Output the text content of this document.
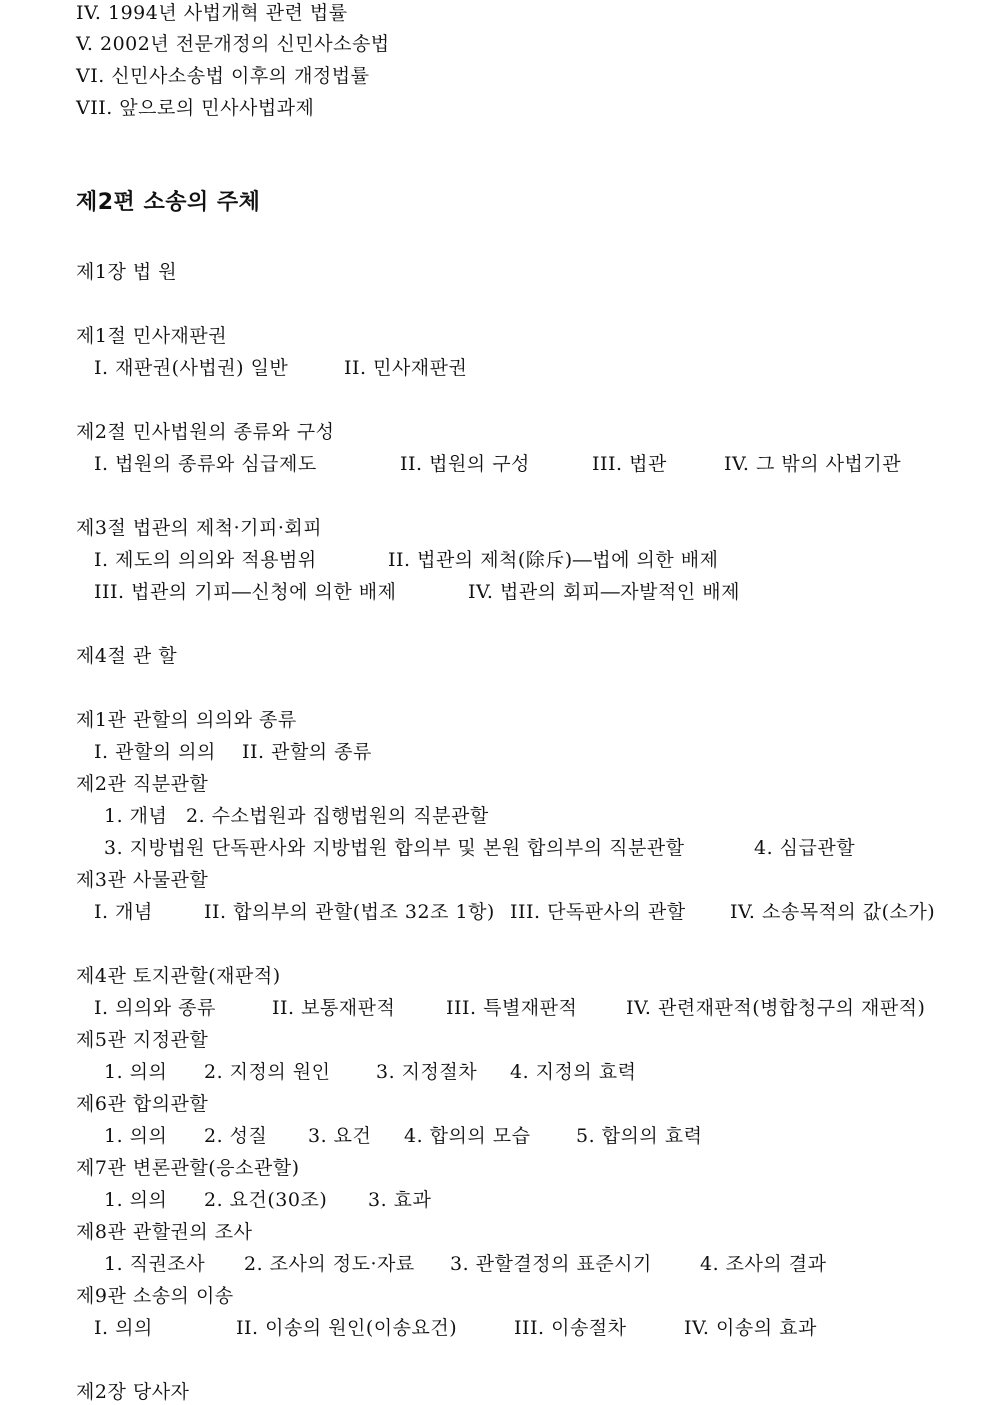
IV. 1994년 사법개혁 관련 법률
V. 2002년 전문개정의 신민사소송법
VI. 신민사소송법 이후의 개정법률
VII. 앞으로의 민사사법과제
제2편 소송의 주체
제1장 법 원
제1절 민사재판권
I. 재판권(사법권) 일반	II. 민사재판권
제2절 민사법원의 종류와 구성
I. 법원의 종류와 심급제도	II. 법원의 구성	III. 법관	IV. 그 밖의 사법기관
제3절 법관의 제척·기피·회피
I. 제도의 의의와 적용범위	II. 법관의 제척(除斥)―법에 의한 배제
III. 법관의 기피―신청에 의한 배제	IV. 법관의 회피―자발적인 배제
제4절 관 할
제1관 관할의 의의와 종류
I. 관할의 의의 II. 관할의 종류
제2관 직분관할
1. 개념 2. 수소법원과 집행법원의 직분관할
3. 지방법원 단독판사와 지방법원 합의부 및 본원 합의부의 직분관할	4. 심급관할
제3관 사물관할
I. 개념	II. 합의부의 관할(법조 32조 1항) III. 단독판사의 관할 IV. 소송목적의 값(소가)
제4관 토지관할(재판적)
I. 의의와 종류	II. 보통재판적	III. 특별재판적	IV. 관련재판적(병합청구의 재판적)
제5관 지정관할
1. 의의 2. 지정의 원인 3. 지정절차 4. 지정의 효력
제6관 합의관할
1. 의의 2. 성질 3. 요건 4. 합의의 모습 5. 합의의 효력
제7관 변론관할(응소관할)
1. 의의 2. 요건(30조) 3. 효과
제8관 관할권의 조사
1. 직권조사 2. 조사의 정도·자료 3. 관할결정의 표준시기	4. 조사의 결과
제9관 소송의 이송
I. 의의	II. 이송의 원인(이송요건)	III. 이송절차	IV. 이송의 효과
제2장 당사자
